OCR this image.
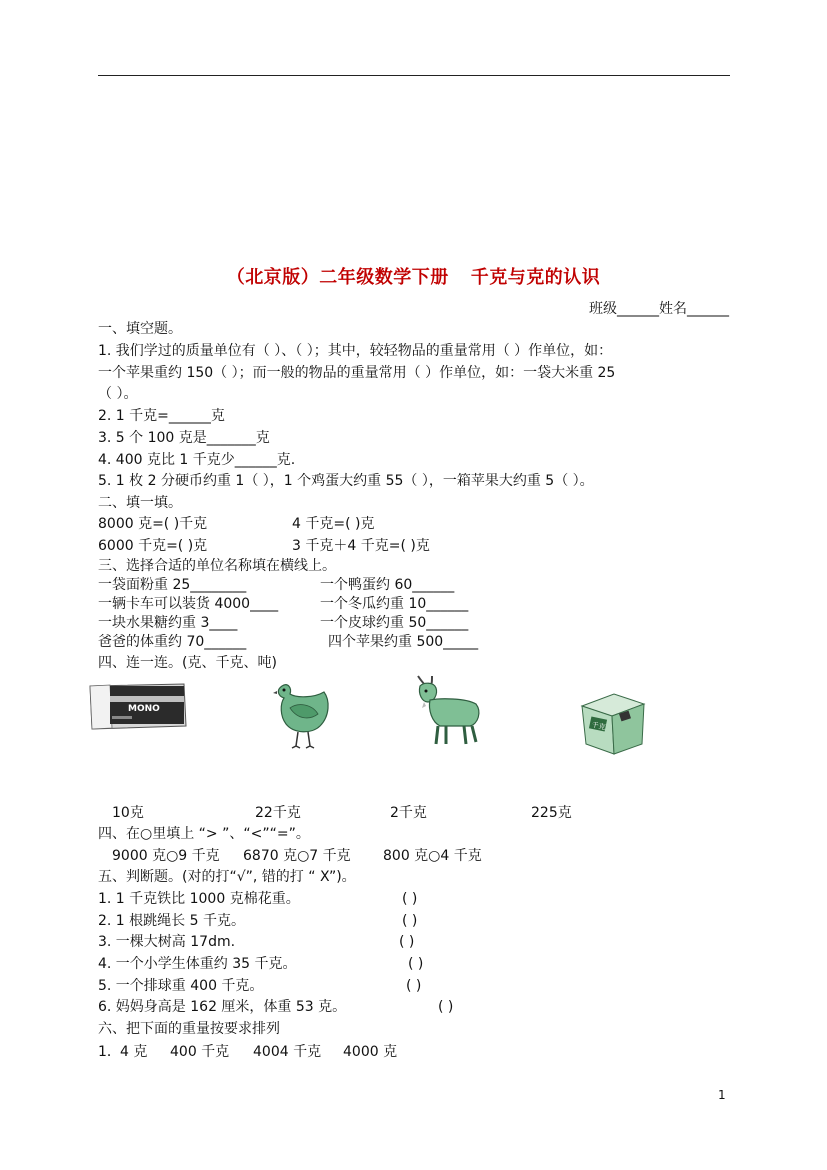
（北京版）二年级数学下册 千克与克的认识
班级______姓名______
一、填空题。
1. 我们学过的质量单位有（ ）、（ ）；其中，较轻物品的重量常用（ ）作单位，如：
一个苹果重约 150（ ）；而一般的物品的重量常用（ ）作单位，如：一袋大米重 25
（ ）。
2. 1 千克=______克
3. 5 个 100 克是_______克
4. 400 克比 1 千克少______克.
5. 1 枚 2 分硬币约重 1（ ），1 个鸡蛋大约重 55（ ），一箱苹果大约重 5（ ）。
二、填一填。
8000 克=( )千克	4 千克=( )克
6000 千克=( )克	3 千克＋4 千克=( )克
三、选择合适的单位名称填在横线上。
一袋面粉重 25________	一个鸭蛋约 60______
一辆卡车可以装货 4000____	一个冬瓜约重 10______
一块水果糖约重 3____	一个皮球约重 50______
爸爸的体重约 70______	四个苹果约重 500_____
四、连一连。(克、千克、吨)
MONO
千克
10克	22千克	2千克	225克
四、在○里填上 “> ”、“<”“=”。
9000 克○9 千克 6870 克○7 千克 800 克○4 千克
五、判断题。(对的打“√”, 错的打 “ X”)。
1. 1 千克铁比 1000 克棉花重。	( )
2. 1 根跳绳长 5 千克。	( )
3. 一棵大树高 17dm.	( )
4. 一个小学生体重约 35 千克。	( )
5. 一个排球重 400 千克。	( )
6. 妈妈身高是 162 厘米，体重 53 克。	( )
六、把下面的重量按要求排列
1． 4 克 400 千克 4004 千克 4000 克
1
